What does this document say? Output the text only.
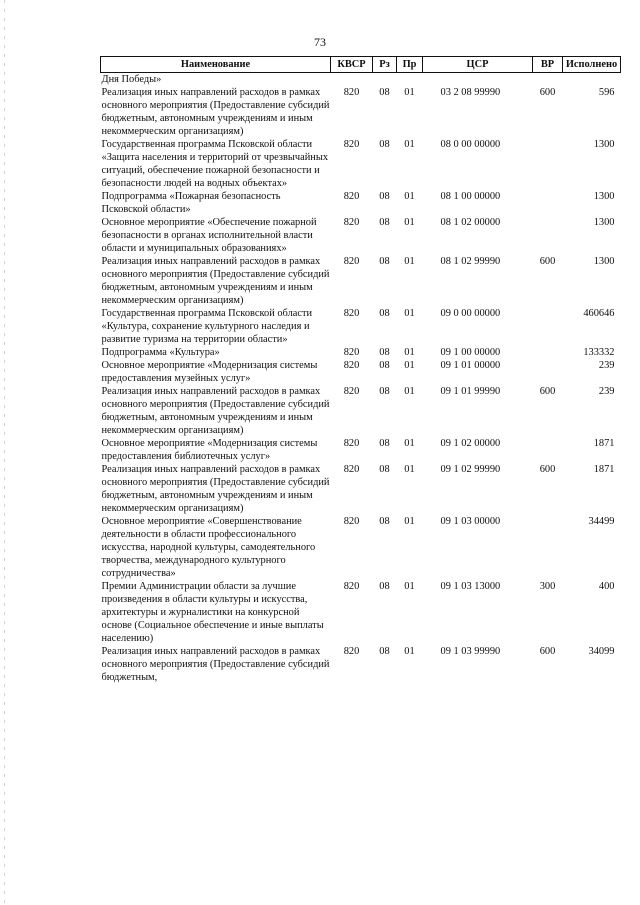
73
Наименование	КВСР	Рз	Пр	ЦСР	ВР	Исполнено
Дня Победы»						
Реализация иных направлений расходов в рамках основного мероприятия (Предоставление субсидий бюджетным, автономным учреждениям и иным некоммерческим организациям)	820	08	01	03 2 08 99990	600	596
Государственная программа Псковской области «Защита населения и территорий от чрезвычайных ситуаций, обеспечение пожарной безопасности и безопасности людей на водных объектах»	820	08	01	08 0 00 00000		1300
Подпрограмма «Пожарная безопасность Псковской области»	820	08	01	08 1 00 00000		1300
Основное мероприятие «Обеспечение пожарной безопасности в органах исполнительной власти области и муниципальных образованиях»	820	08	01	08 1 02 00000		1300
Реализация иных направлений расходов в рамках основного мероприятия (Предоставление субсидий бюджетным, автономным учреждениям и иным некоммерческим организациям)	820	08	01	08 1 02 99990	600	1300
Государственная программа Псковской области «Культура, сохранение культурного наследия и развитие туризма на территории области»	820	08	01	09 0 00 00000		460646
Подпрограмма «Культура»	820	08	01	09 1 00 00000		133332
Основное мероприятие «Модернизация системы предоставления музейных услуг»	820	08	01	09 1 01 00000		239
Реализация иных направлений расходов в рамках основного мероприятия (Предоставление субсидий бюджетным, автономным учреждениям и иным некоммерческим организациям)	820	08	01	09 1 01 99990	600	239
Основное мероприятие «Модернизация системы предоставления библиотечных услуг»	820	08	01	09 1 02 00000		1871
Реализация иных направлений расходов в рамках основного мероприятия (Предоставление субсидий бюджетным, автономным учреждениям и иным некоммерческим организациям)	820	08	01	09 1 02 99990	600	1871
Основное мероприятие «Совершенствование деятельности в области профессионального искусства, народной культуры, самодеятельного творчества, международного культурного сотрудничества»	820	08	01	09 1 03 00000		34499
Премии Администрации области за лучшие произведения в области культуры и искусства, архитектуры и журналистики на конкурсной основе (Социальное обеспечение и иные выплаты населению)	820	08	01	09 1 03 13000	300	400
Реализация иных направлений расходов в рамках основного мероприятия (Предоставление субсидий бюджетным,	820	08	01	09 1 03 99990	600	34099
